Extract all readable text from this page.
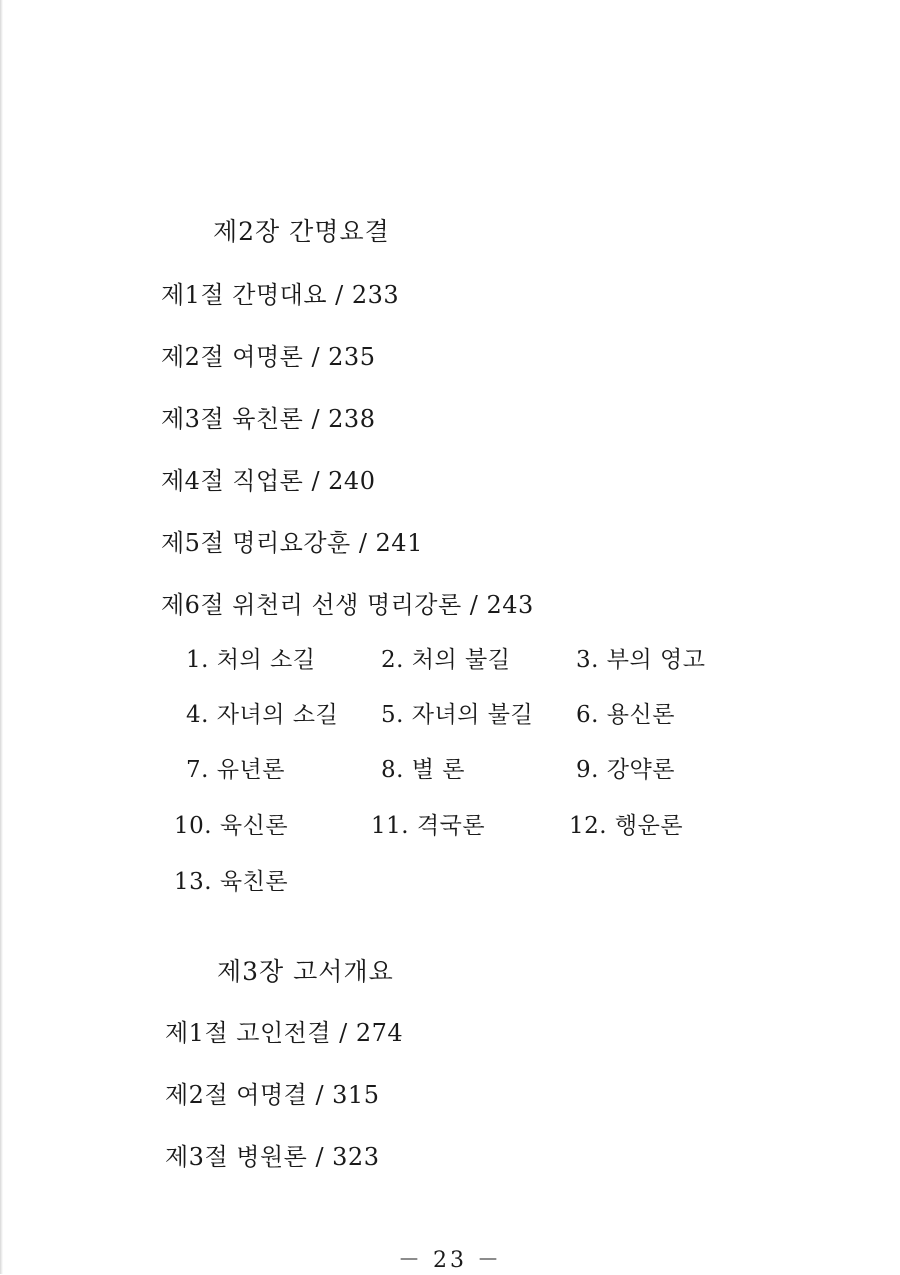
제2장 간명요결
제1절 간명대요 / 233
제2절 여명론 / 235
제3절 육친론 / 238
제4절 직업론 / 240
제5절 명리요강훈 / 241
제6절 위천리 선생 명리강론 / 243
1. 처의 소길	2. 처의 불길	3. 부의 영고
4. 자녀의 소길 5. 자녀의 불길 6. 용신론
7. 유년론	8. 별 론	9. 강약론
10. 육신론	11. 격국론	12. 행운론
13. 육친론
제3장 고서개요
제1절 고인전결 / 274
제2절 여명결 / 315
제3절 병원론 / 323
－ 23 －
